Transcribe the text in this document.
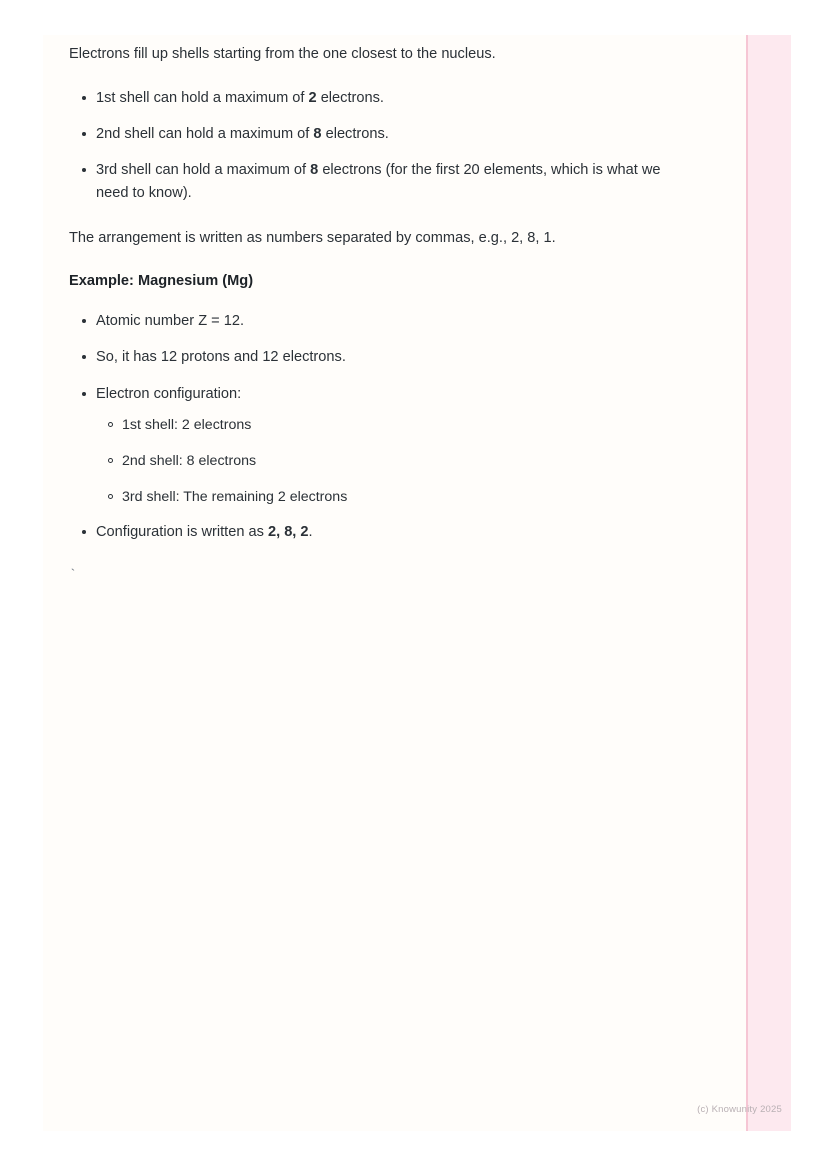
Electrons fill up shells starting from the one closest to the nucleus.

1st shell can hold a maximum of 2 electrons.
2nd shell can hold a maximum of 8 electrons.
3rd shell can hold a maximum of 8 electrons (for the first 20 elements, which is what we need to know).

The arrangement is written as numbers separated by commas, e.g., 2, 8, 1.

Example: Magnesium (Mg)
Atomic number Z = 12.
So, it has 12 protons and 12 electrons.
Electron configuration:
1st shell: 2 electrons
2nd shell: 8 electrons
3rd shell: The remaining 2 electrons
Configuration is written as 2, 8, 2.
`
(c) Knowunity 2025
